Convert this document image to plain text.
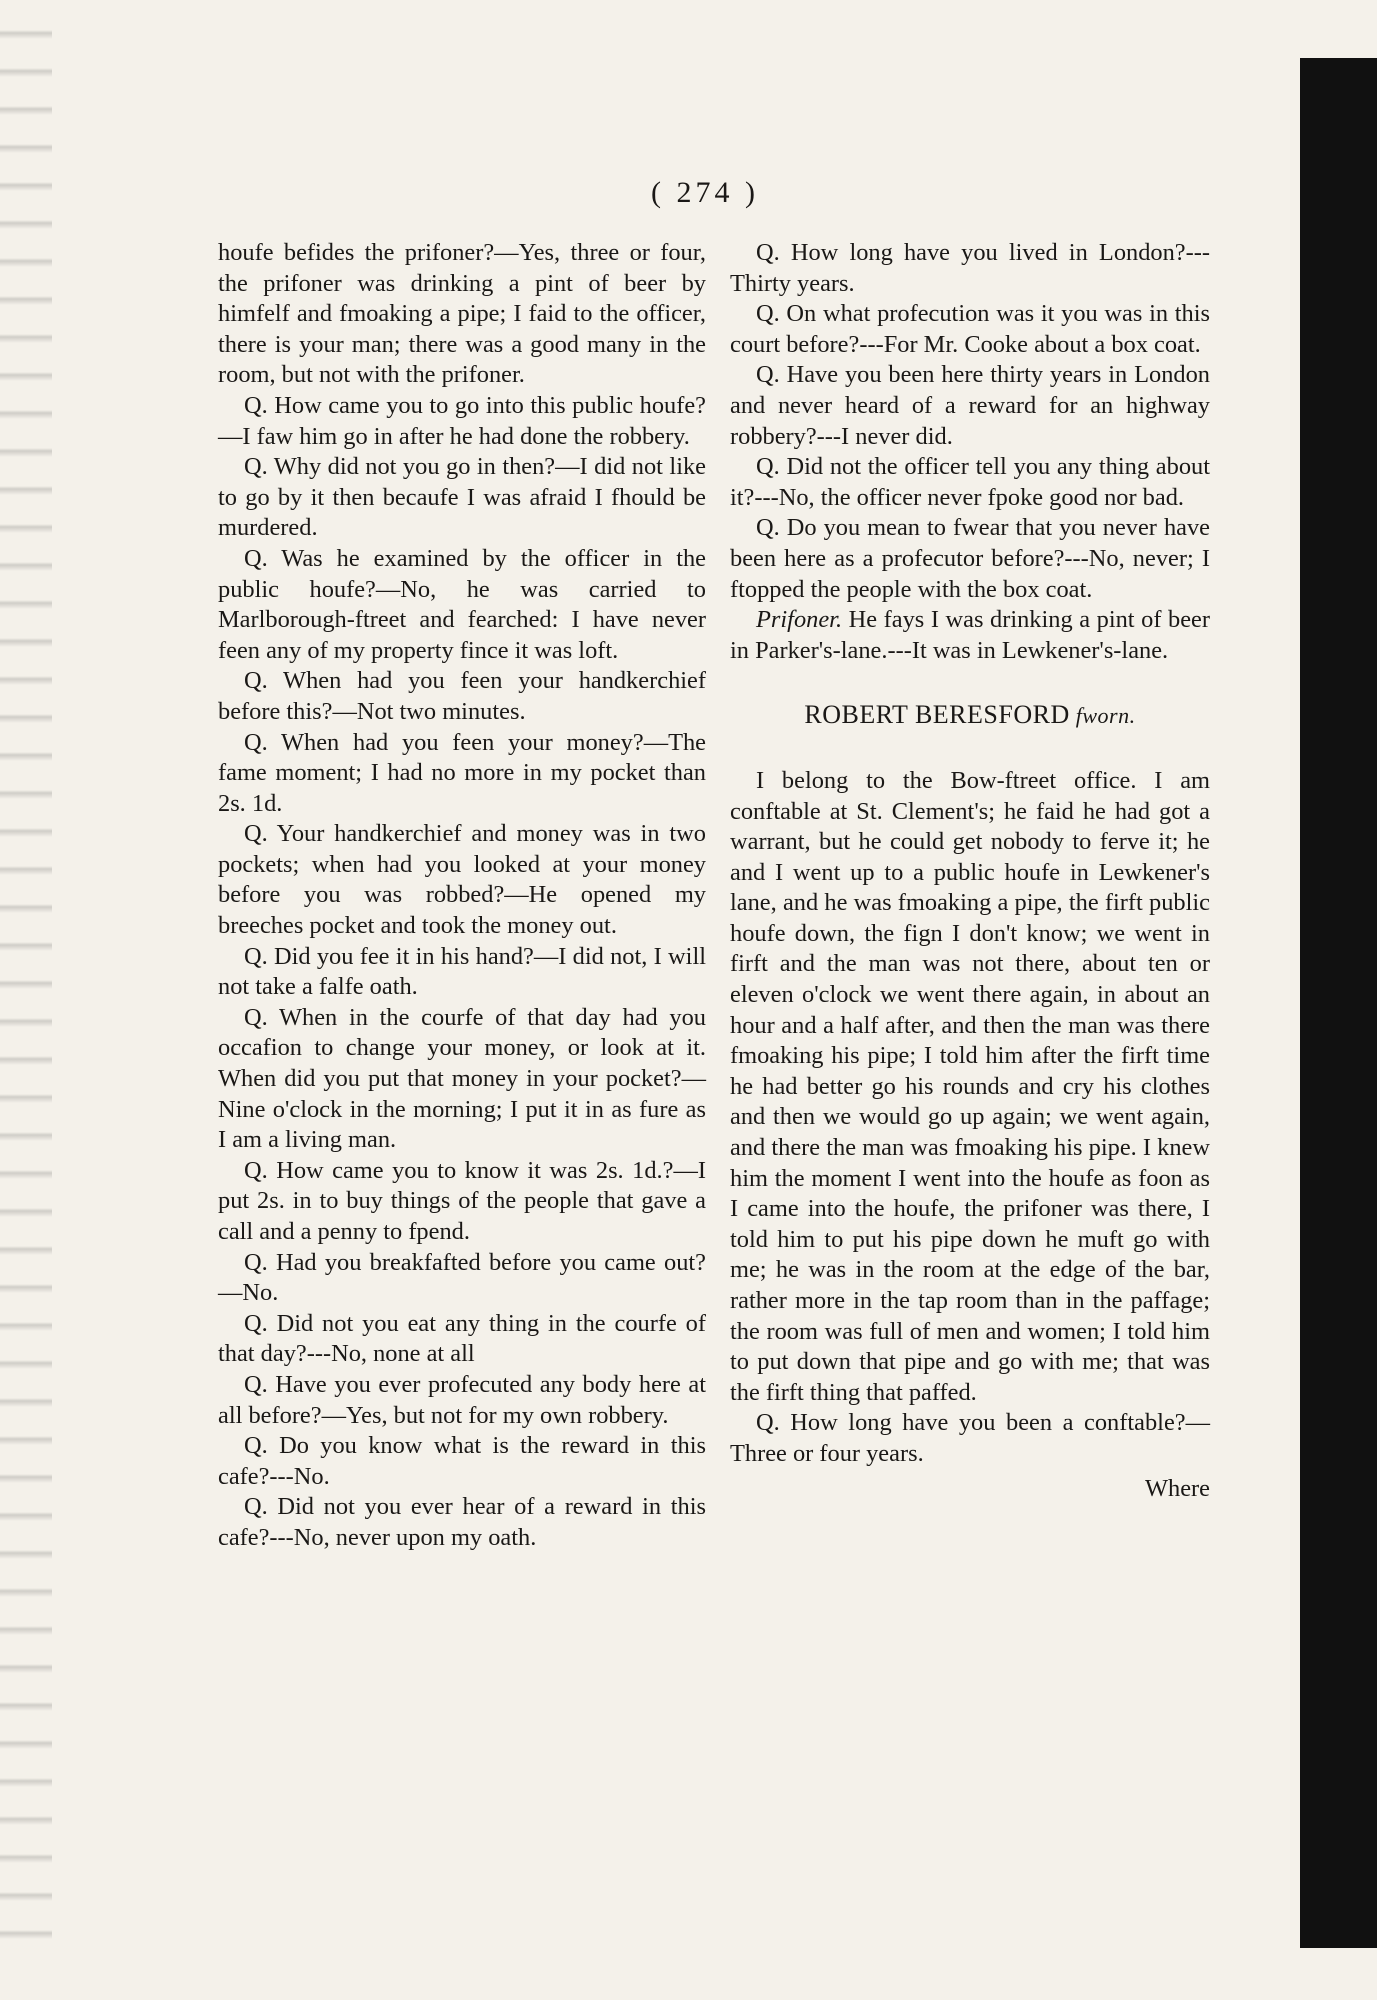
( 274 )

houfe befides the prifoner?—Yes, three or four, the prifoner was drinking a pint of beer by himfelf and fmoaking a pipe; I faid to the officer, there is your man; there was a good many in the room, but not with the prifoner.

Q. How came you to go into this public houfe?—I faw him go in after he had done the robbery.

Q. Why did not you go in then?—I did not like to go by it then becaufe I was afraid I fhould be murdered.

Q. Was he examined by the officer in the public houfe?—No, he was carried to Marlborough-ftreet and fearched: I have never feen any of my property fince it was loft.

Q. When had you feen your handkerchief before this?—Not two minutes.

Q. When had you feen your money?—The fame moment; I had no more in my pocket than 2s. 1d.

Q. Your handkerchief and money was in two pockets; when had you looked at your money before you was robbed?—He opened my breeches pocket and took the money out.

Q. Did you fee it in his hand?—I did not, I will not take a falfe oath.

Q. When in the courfe of that day had you occafion to change your money, or look at it. When did you put that money in your pocket?—Nine o'clock in the morning; I put it in as fure as I am a living man.

Q. How came you to know it was 2s. 1d.?—I put 2s. in to buy things of the people that gave a call and a penny to fpend.

Q. Had you breakfafted before you came out?—No.

Q. Did not you eat any thing in the courfe of that day?---No, none at all

Q. Have you ever profecuted any body here at all before?—Yes, but not for my own robbery.

Q. Do you know what is the reward in this cafe?---No.

Q. Did not you ever hear of a reward in this cafe?---No, never upon my oath.

Q. How long have you lived in London?---Thirty years.

Q. On what profecution was it you was in this court before?---For Mr. Cooke about a box coat.

Q. Have you been here thirty years in London and never heard of a reward for an highway robbery?---I never did.

Q. Did not the officer tell you any thing about it?---No, the officer never fpoke good nor bad.

Q. Do you mean to fwear that you never have been here as a profecutor before?---No, never; I ftopped the people with the box coat.

Prifoner. He fays I was drinking a pint of beer in Parker's-lane.---It was in Lewkener's-lane.

ROBERT BERESFORD fworn.

I belong to the Bow-ftreet office. I am conftable at St. Clement's; he faid he had got a warrant, but he could get nobody to ferve it; he and I went up to a public houfe in Lewkener's lane, and he was fmoaking a pipe, the firft public houfe down, the fign I don't know; we went in firft and the man was not there, about ten or eleven o'clock we went there again, in about an hour and a half after, and then the man was there fmoaking his pipe; I told him after the firft time he had better go his rounds and cry his clothes and then we would go up again; we went again, and there the man was fmoaking his pipe. I knew him the moment I went into the houfe as foon as I came into the houfe, the prifoner was there, I told him to put his pipe down he muft go with me; he was in the room at the edge of the bar, rather more in the tap room than in the paffage; the room was full of men and women; I told him to put down that pipe and go with me; that was the firft thing that paffed.

Q. How long have you been a conftable?—Three or four years.

Where
